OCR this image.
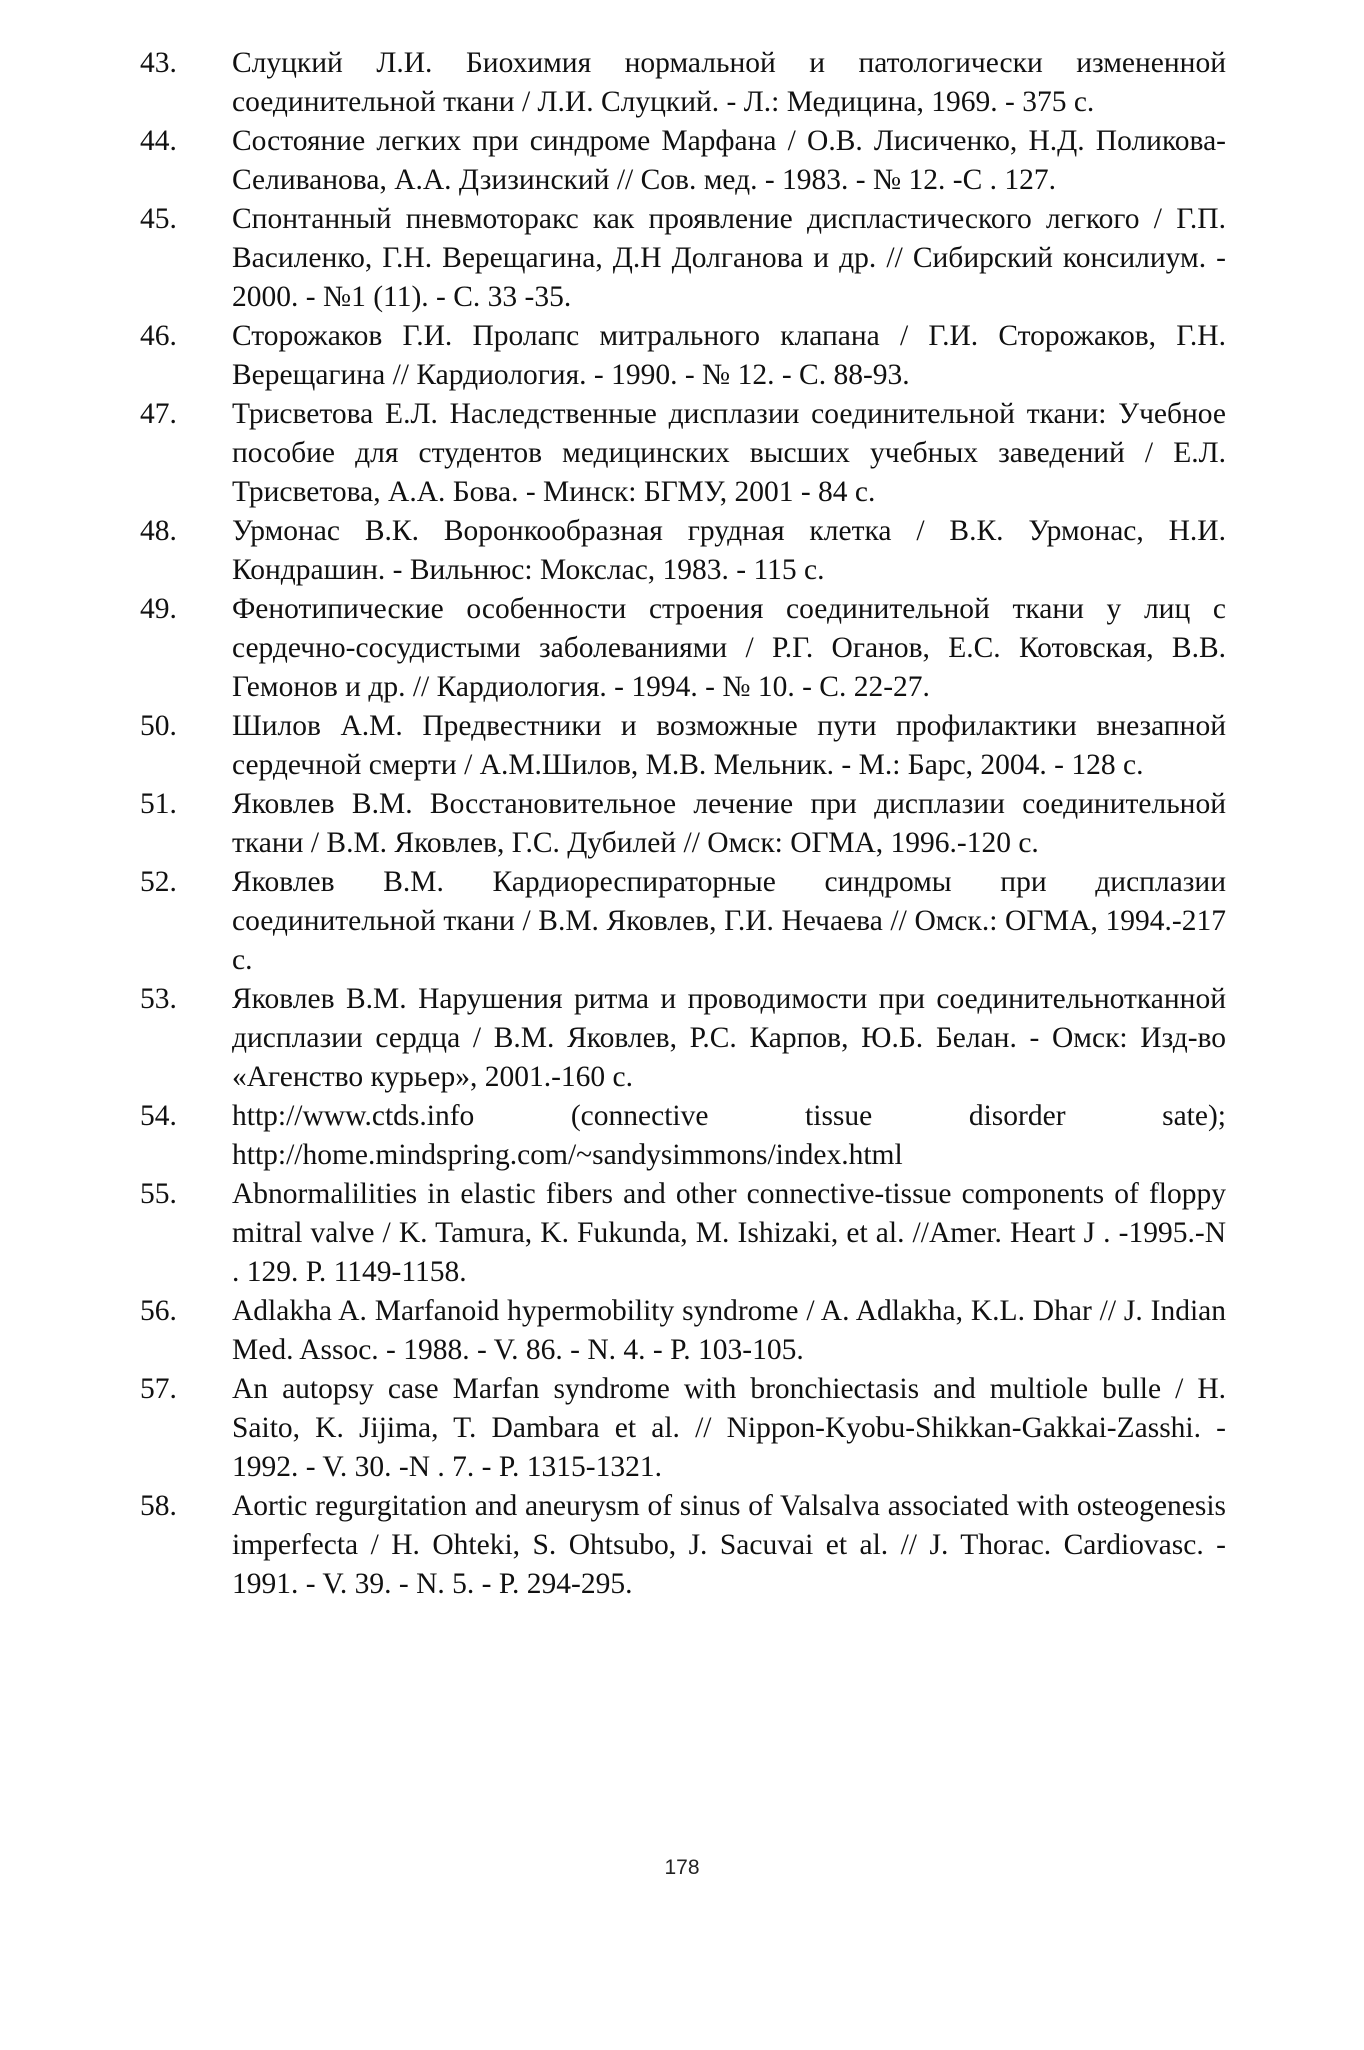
43.	Слуцкий Л.И. Биохимия нормальной и патологически измененной соединительной ткани / Л.И. Слуцкий. - Л.: Медицина, 1969. - 375 с.
44.	Состояние легких при синдроме Марфана / О.В. Лисиченко, Н.Д. Поликова-Селиванова, А.А. Дзизинский // Сов. мед. - 1983. - № 12. -С . 127.
45.	Спонтанный пневмоторакс как проявление диспластического легкого / Г.П. Василенко, Г.Н. Верещагина, Д.Н Долганова и др. // Сибирский консилиум. - 2000. - №1 (11). - С. 33 -35.
46.	Сторожаков Г.И. Пролапс митрального клапана / Г.И. Сторожаков, Г.Н. Верещагина // Кардиология. - 1990. - № 12. - С. 88-93.
47.	Трисветова Е.Л. Наследственные дисплазии соединительной ткани: Учебное пособие для студентов медицинских высших учебных заведений / Е.Л. Трисветова, А.А. Бова. - Минск: БГМУ, 2001 - 84 с.
48.	Урмонас В.К. Воронкообразная грудная клетка / В.К. Урмонас, Н.И. Кондрашин. - Вильнюс: Мокслас, 1983. - 115 с.
49.	Фенотипические особенности строения соединительной ткани у лиц с сердечно-сосудистыми заболеваниями / Р.Г. Оганов, Е.С. Котовская, В.В. Гемонов и др. // Кардиология. - 1994. - № 10. - С. 22-27.
50.	Шилов А.М. Предвестники и возможные пути профилактики внезапной сердечной смерти / А.М.Шилов, М.В. Мельник. - М.: Барс, 2004. - 128 с.
51.	Яковлев В.М. Восстановительное лечение при дисплазии соединительной ткани / В.М. Яковлев, Г.С. Дубилей // Омск: ОГМА, 1996.-120 с.
52.	Яковлев В.М. Кардиореспираторные синдромы при дисплазии соединительной ткани / В.М. Яковлев, Г.И. Нечаева // Омск.: ОГМА, 1994.-217 с.
53.	Яковлев В.М. Нарушения ритма и проводимости при соединительнотканной дисплазии сердца / В.М. Яковлев, Р.С. Карпов, Ю.Б. Белан. - Омск: Изд-во «Агенство курьер», 2001.-160 с.
54.	http://www.ctds.info (connective tissue disorder sate); http://home.mindspring.com/~sandysimmons/index.html
55.	Abnormalilities in elastic fibers and other connective-tissue components of floppy mitral valve / K. Tamura, K. Fukunda, M. Ishizaki, et al. //Amer. Heart J . -1995.-N . 129. P. 1149-1158.
56.	Adlakha A. Marfanoid hypermobility syndrome / A. Adlakha, K.L. Dhar // J. Indian Med. Assoc. - 1988. - V. 86. - N. 4. - P. 103-105.
57.	An autopsy case Marfan syndrome with bronchiectasis and multiole bulle / H. Saito, K. Jijima, T. Dambara et al. // Nippon-Kyobu-Shikkan-Gakkai-Zasshi. - 1992. - V. 30. -N . 7. - P. 1315-1321.
58.	Aortic regurgitation and aneurysm of sinus of Valsalva associated with osteogenesis imperfecta / H. Ohteki, S. Ohtsubo, J. Sacuvai et al. // J. Thorac. Cardiovasc. - 1991. - V. 39. - N. 5. - P. 294-295.
178
